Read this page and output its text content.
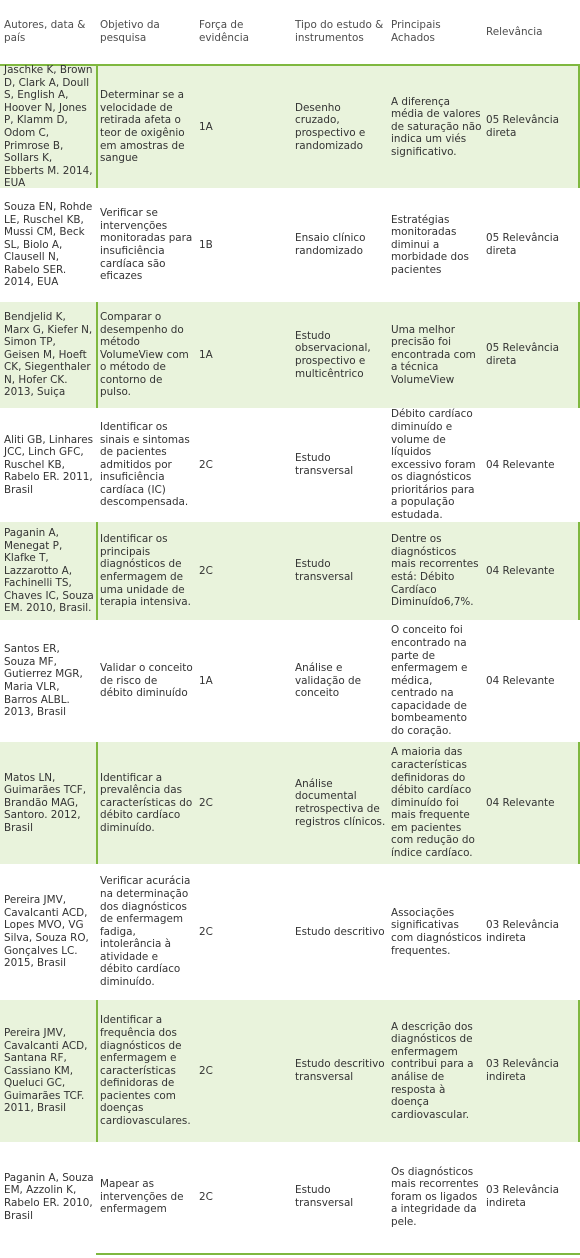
Autores, data & país
Objetivo da pesquisa
Força de evidência
Tipo do estudo & instrumentos
Principais Achados	Relevância
Jaschke K, Brown D, Clark A, Doull S, English A, Hoover N, Jones P, Klamm D, Odom C, Primrose B, Sollars K, Ebberts M. 2014, EUA
Determinar se a velocidade de retirada afeta o teor de oxigênio em amostras de sangue
1A
Desenho cruzado, prospectivo e randomizado
A diferença média de valores de saturação não indica um viés significativo.
05 Relevância direta
Souza EN, Rohde LE, Ruschel KB, Mussi CM, Beck SL, Biolo A, Clausell N, Rabelo SER. 2014, EUA
Verificar se intervenções monitoradas para insuficiência cardíaca são eficazes
1B
Ensaio clínico randomizado
Estratégias monitoradas diminui a morbidade dos pacientes
05 Relevância direta
Bendjelid K, Marx G, Kiefer N, Simon TP, Geisen M, Hoeft CK, Siegenthaler N, Hofer CK. 2013, Suiça
Comparar o desempenho do método VolumeView com o método de contorno de pulso.
1A
Estudo observacional, prospectivo e multicêntrico
Uma melhor precisão foi encontrada com a técnica VolumeView
05 Relevância direta
Aliti GB, Linhares JCC, Linch GFC, Ruschel KB, Rabelo ER. 2011, Brasil
Identificar os sinais e sintomas de pacientes admitidos por insuficiência cardíaca (IC) descompensada.
2C
Estudo transversal
Débito cardíaco diminuído e volume de líquidos excessivo foram os diagnósticos prioritários para a população estudada.
04 Relevante
Paganin A, Menegat P, Klafke T, Lazzarotto A, Fachinelli TS, Chaves IC, Souza EM. 2010, Brasil.
Identificar os principais diagnósticos de enfermagem de uma unidade de terapia intensiva.
2C
Estudo transversal
Dentre os diagnósticos mais recorrentes está: Débito Cardíaco Diminuído6,7%.
04 Relevante
Santos ER, Souza MF, Gutierrez MGR, Maria VLR, Barros ALBL. 2013, Brasil
Validar o conceito de risco de débito diminuído
1A
Análise e validação de conceito
O conceito foi encontrado na parte de enfermagem e médica, centrado na capacidade de bombeamento do coração.
04 Relevante
Matos LN, Guimarães TCF, Brandão MAG, Santoro. 2012, Brasil
Identificar a prevalência das características do débito cardíaco diminuído.
2C
Análise documental retrospectiva de registros clínicos.
A maioria das características definidoras do débito cardíaco diminuído foi mais frequente em pacientes com redução do índice cardíaco.
04 Relevante
Pereira JMV, Cavalcanti ACD, Lopes MVO, VG Silva, Souza RO, Gonçalves LC. 2015, Brasil
Verificar acurácia na determinação dos diagnósticos de enfermagem fadiga, intolerância à atividade e débito cardíaco diminuído.
2C	Estudo descritivo
Associações significativas com diagnósticos frequentes.
03 Relevância indireta
Pereira JMV, Cavalcanti ACD, Santana RF, Cassiano KM, Queluci GC, Guimarães TCF. 2011, Brasil
Identificar a frequência dos diagnósticos de enfermagem e características definidoras de pacientes com doenças cardiovasculares.
2C
Estudo descritivo transversal
A descrição dos diagnósticos de enfermagem contribui para a análise de resposta à doença cardiovascular.
03 Relevância indireta
Paganin A, Souza EM, Azzolin K, Rabelo ER. 2010, Brasil
Mapear as intervenções de enfermagem
2C
Estudo transversal
Os diagnósticos mais recorrentes foram os ligados a integridade da pele.
03 Relevância indireta
